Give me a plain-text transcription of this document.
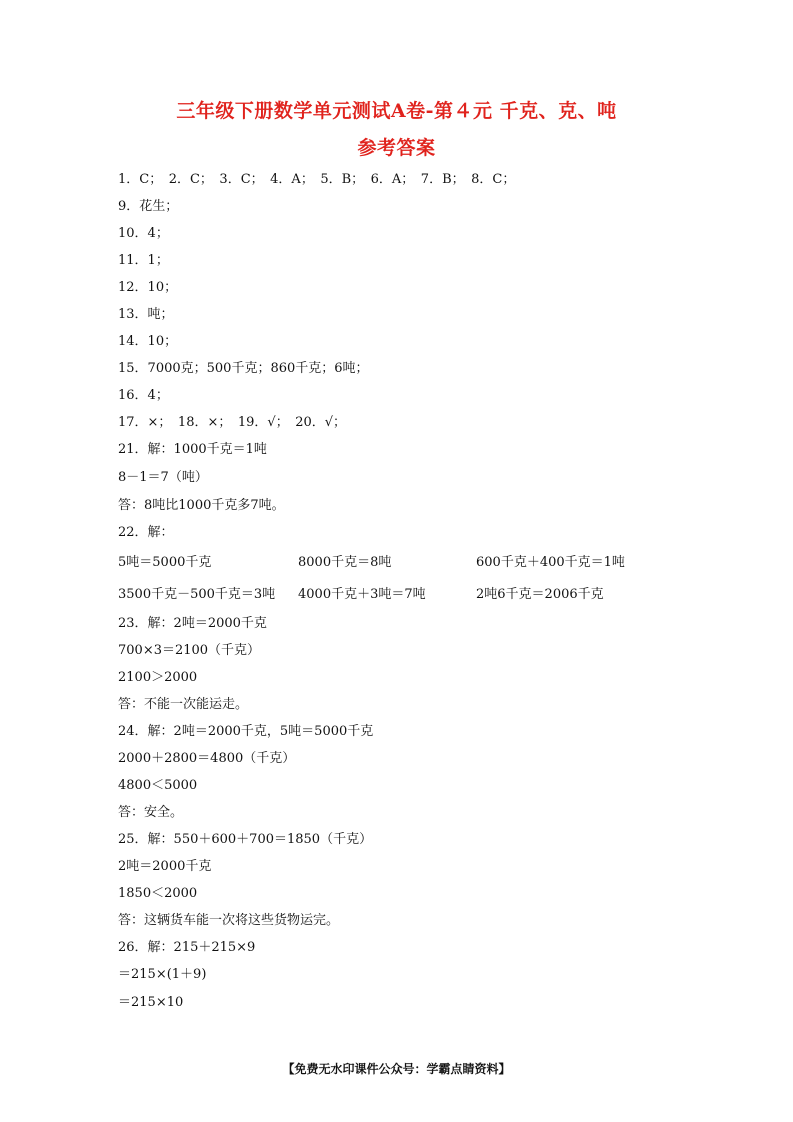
三年级下册数学单元测试A卷-第４元 千克、克、吨
参考答案
1．C；　2．C；　3．C；　4．A；　5．B；　6．A；　7．B；　8．C；
9．花生；
10．4；
11．1；
12．10；
13．吨；
14．10；
15．7000克；500千克；860千克；6吨；
16．4；
17．×；　18．×；　19．√；　20．√；
21．解：1000千克＝1吨
8－1＝7（吨）
答：8吨比1000千克多7吨。
22．解：
5吨＝5000千克	8000千克＝8吨	600千克＋400千克＝1吨
3500千克－500千克＝3吨 4000千克＋3吨＝7吨	2吨6千克＝2006千克
23．解：2吨＝2000千克
700×3＝2100（千克）
2100＞2000
答：不能一次能运走。
24．解：2吨＝2000千克，5吨＝5000千克
2000＋2800＝4800（千克）
4800＜5000
答：安全。
25．解：550＋600＋700＝1850（千克）
2吨＝2000千克
1850＜2000
答：这辆货车能一次将这些货物运完。
26．解：215＋215×9
＝215×(1＋9)
＝215×10
【免费无水印课件公众号：学霸点睛资料】
